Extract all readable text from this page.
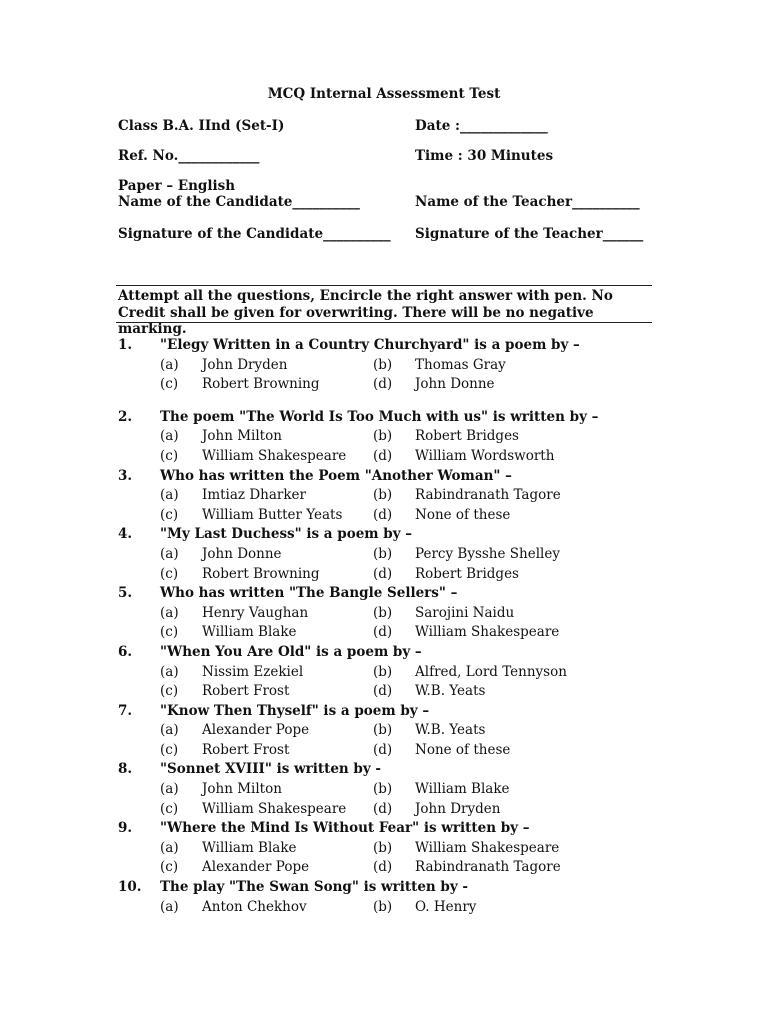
MCQ Internal Assessment Test
Class B.A. IInd (Set-I)	Date :_____________
Ref. No.____________	Time : 30 Minutes
Paper – English
Name of the Candidate__________	Name of the Teacher__________
Signature of the Candidate__________ Signature of the Teacher______
Attempt all the questions, Encircle the right answer with pen. No Credit shall be given for overwriting. There will be no negative marking.
1. "Elegy Written in a Country Churchyard" is a poem by –
(a) John Dryden	(b) Thomas Gray
(c) Robert Browning	(d) John Donne
2. The poem "The World Is Too Much with us" is written by –
(a) John Milton	(b) Robert Bridges
(c) William Shakespeare (d) William Wordsworth
3. Who has written the Poem "Another Woman" –
(a) Imtiaz Dharker	(b) Rabindranath Tagore
(c) William Butter Yeats (d) None of these
4. "My Last Duchess" is a poem by –
(a) John Donne	(b) Percy Bysshe Shelley
(c) Robert Browning	(d) Robert Bridges
5. Who has written "The Bangle Sellers" –
(a) Henry Vaughan	(b) Sarojini Naidu
(c) William Blake	(d) William Shakespeare
6. "When You Are Old" is a poem by –
(a) Nissim Ezekiel	(b) Alfred, Lord Tennyson
(c) Robert Frost	(d) W.B. Yeats
7. "Know Then Thyself" is a poem by –
(a) Alexander Pope	(b) W.B. Yeats
(c) Robert Frost	(d) None of these
8. "Sonnet XVIII" is written by -
(a) John Milton	(b) William Blake
(c) William Shakespeare (d) John Dryden
9. "Where the Mind Is Without Fear" is written by –
(a) William Blake	(b) William Shakespeare
(c) Alexander Pope	(d) Rabindranath Tagore
10. The play "The Swan Song" is written by -
(a) Anton Chekhov	(b) O. Henry
